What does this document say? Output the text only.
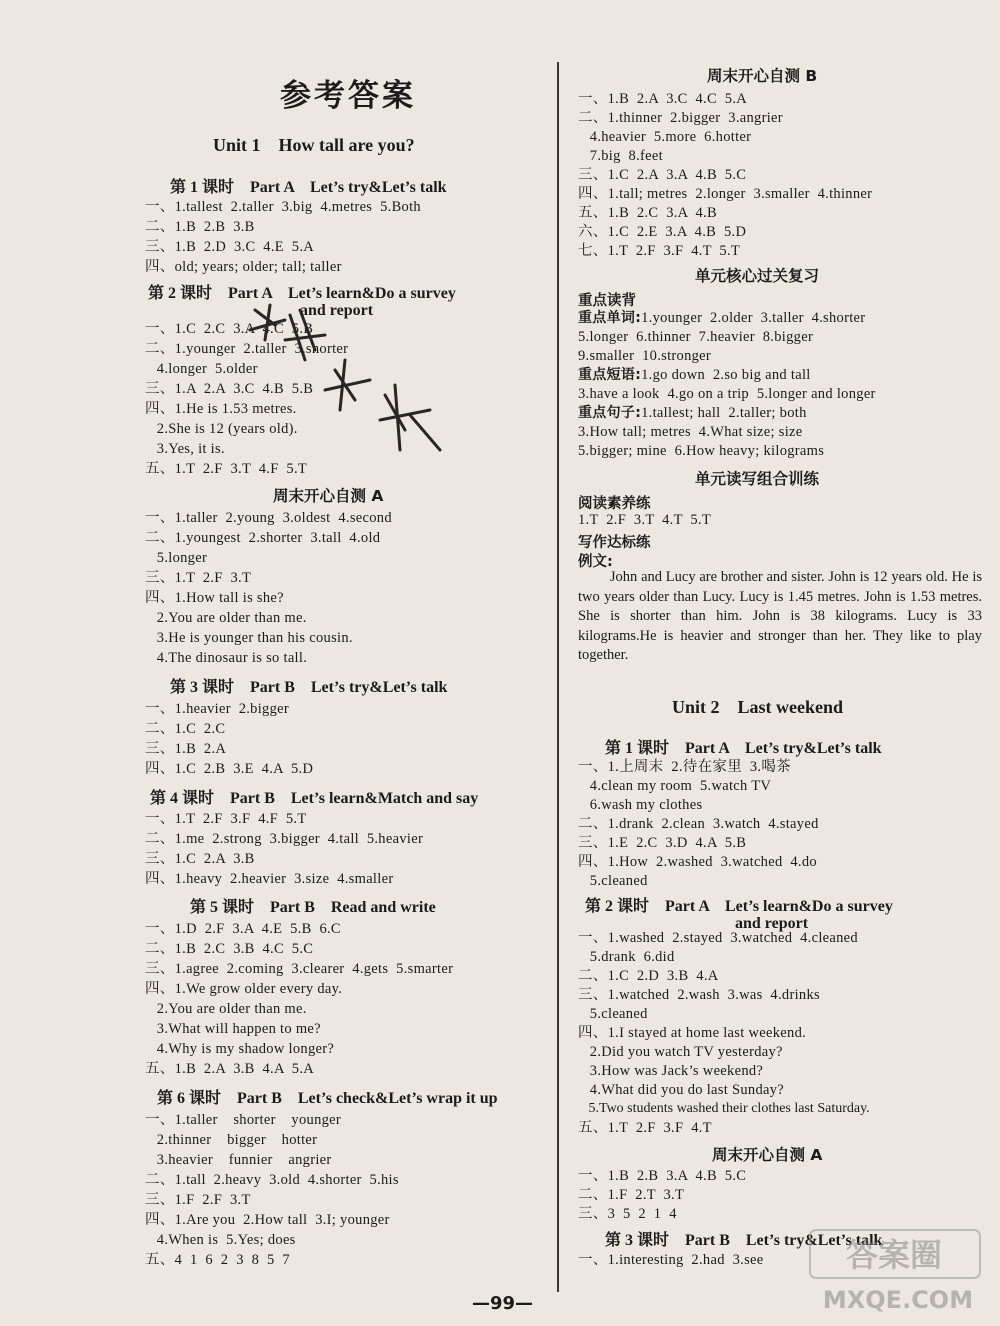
参考答案
Unit 1    How tall are you?
第 1 课时    Part A    Let’s try&Let’s talk
一、1.tallest  2.taller  3.big  4.metres  5.Both
二、1.B  2.B  3.B
三、1.B  2.D  3.C  4.E  5.A
四、old; years; older; tall; taller
第 2 课时    Part A    Let’s learn&Do a survey
and report
一、1.C  2.C  3.A  4.C  5.B
二、1.younger  2.taller  3.shorter
4.longer  5.older
三、1.A  2.A  3.C  4.B  5.B
四、1.He is 1.53 metres.
2.She is 12 (years old).
3.Yes, it is.
五、1.T  2.F  3.T  4.F  5.T
周末开心自测 A
一、1.taller  2.young  3.oldest  4.second
二、1.youngest  2.shorter  3.tall  4.old
5.longer
三、1.T  2.F  3.T
四、1.How tall is she?
2.You are older than me.
3.He is younger than his cousin.
4.The dinosaur is so tall.
第 3 课时    Part B    Let’s try&Let’s talk
一、1.heavier  2.bigger
二、1.C  2.C
三、1.B  2.A
四、1.C  2.B  3.E  4.A  5.D
第 4 课时    Part B    Let’s learn&Match and say
一、1.T  2.F  3.F  4.F  5.T
二、1.me  2.strong  3.bigger  4.tall  5.heavier
三、1.C  2.A  3.B
四、1.heavy  2.heavier  3.size  4.smaller
第 5 课时    Part B    Read and write
一、1.D  2.F  3.A  4.E  5.B  6.C
二、1.B  2.C  3.B  4.C  5.C
三、1.agree  2.coming  3.clearer  4.gets  5.smarter
四、1.We grow older every day.
2.You are older than me.
3.What will happen to me?
4.Why is my shadow longer?
五、1.B  2.A  3.B  4.A  5.A
第 6 课时    Part B    Let’s check&Let’s wrap it up
一、1.taller    shorter    younger
2.thinner    bigger    hotter
3.heavier    funnier    angrier
二、1.tall  2.heavy  3.old  4.shorter  5.his
三、1.F  2.F  3.T
四、1.Are you  2.How tall  3.I; younger
4.When is  5.Yes; does
五、4  1  6  2  3  8  5  7
周末开心自测 B
一、1.B  2.A  3.C  4.C  5.A
二、1.thinner  2.bigger  3.angrier
4.heavier  5.more  6.hotter
7.big  8.feet
三、1.C  2.A  3.A  4.B  5.C
四、1.tall; metres  2.longer  3.smaller  4.thinner
五、1.B  2.C  3.A  4.B
六、1.C  2.E  3.A  4.B  5.D
七、1.T  2.F  3.F  4.T  5.T
单元核心过关复习
重点读背
重点单词:1.younger  2.older  3.taller  4.shorter
5.longer  6.thinner  7.heavier  8.bigger
9.smaller  10.stronger
重点短语:1.go down  2.so big and tall
3.have a look  4.go on a trip  5.longer and longer
重点句子:1.tallest; hall  2.taller; both
3.How tall; metres  4.What size; size
5.bigger; mine  6.How heavy; kilograms
单元读写组合训练
阅读素养练
1.T  2.F  3.T  4.T  5.T
写作达标练
例文:
John and Lucy are brother and sister. John is 12 years old. He is two years older than Lucy. Lucy is 1.45 metres. John is 1.53 metres. She is shorter than him. John is 38 kilograms. Lucy is 33 kilograms.He is heavier and stronger than her. They like to play together.
Unit 2    Last weekend
第 1 课时    Part A    Let’s try&Let’s talk
一、1.上周末  2.待在家里  3.喝茶
4.clean my room  5.watch TV
6.wash my clothes
二、1.drank  2.clean  3.watch  4.stayed
三、1.E  2.C  3.D  4.A  5.B
四、1.How  2.washed  3.watched  4.do
5.cleaned
第 2 课时    Part A    Let’s learn&Do a survey
and report
一、1.washed  2.stayed  3.watched  4.cleaned
5.drank  6.did
二、1.C  2.D  3.B  4.A
三、1.watched  2.wash  3.was  4.drinks
5.cleaned
四、1.I stayed at home last weekend.
2.Did you watch TV yesterday?
3.How was Jack’s weekend?
4.What did you do last Sunday?
5.Two students washed their clothes last Saturday.
五、1.T  2.F  3.F  4.T
周末开心自测 A
一、1.B  2.B  3.A  4.B  5.C
二、1.F  2.T  3.T
三、3  5  2  1  4
第 3 课时    Part B    Let’s try&Let’s talk
一、1.interesting  2.had  3.see
—99—
答案圈
MXQE.COM
